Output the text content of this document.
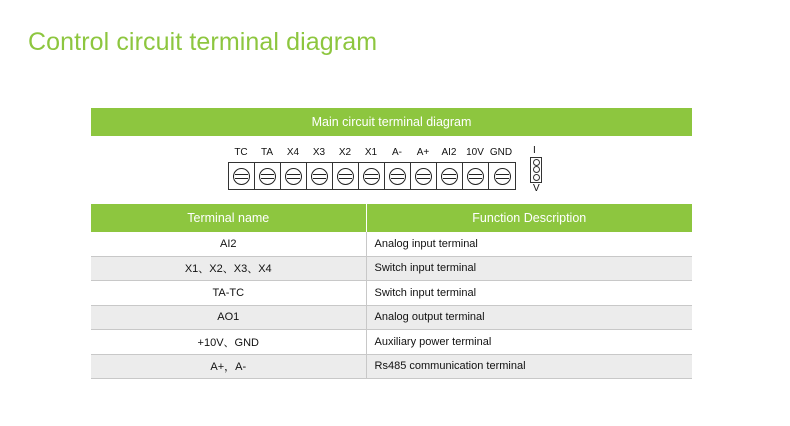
Control circuit terminal diagram
Main circuit terminal diagram
TC	TA	X4	X3	X2	X1	A-	A+	AI2 10V GND I
V
Terminal name	Function Description
AI2	Analog input terminal
X1、X2、X3、X4	Switch input terminal
TA-TC	Switch input terminal
AO1	Analog output terminal
+10V、GND	Auxiliary power terminal
A+，A-	Rs485 communication terminal
